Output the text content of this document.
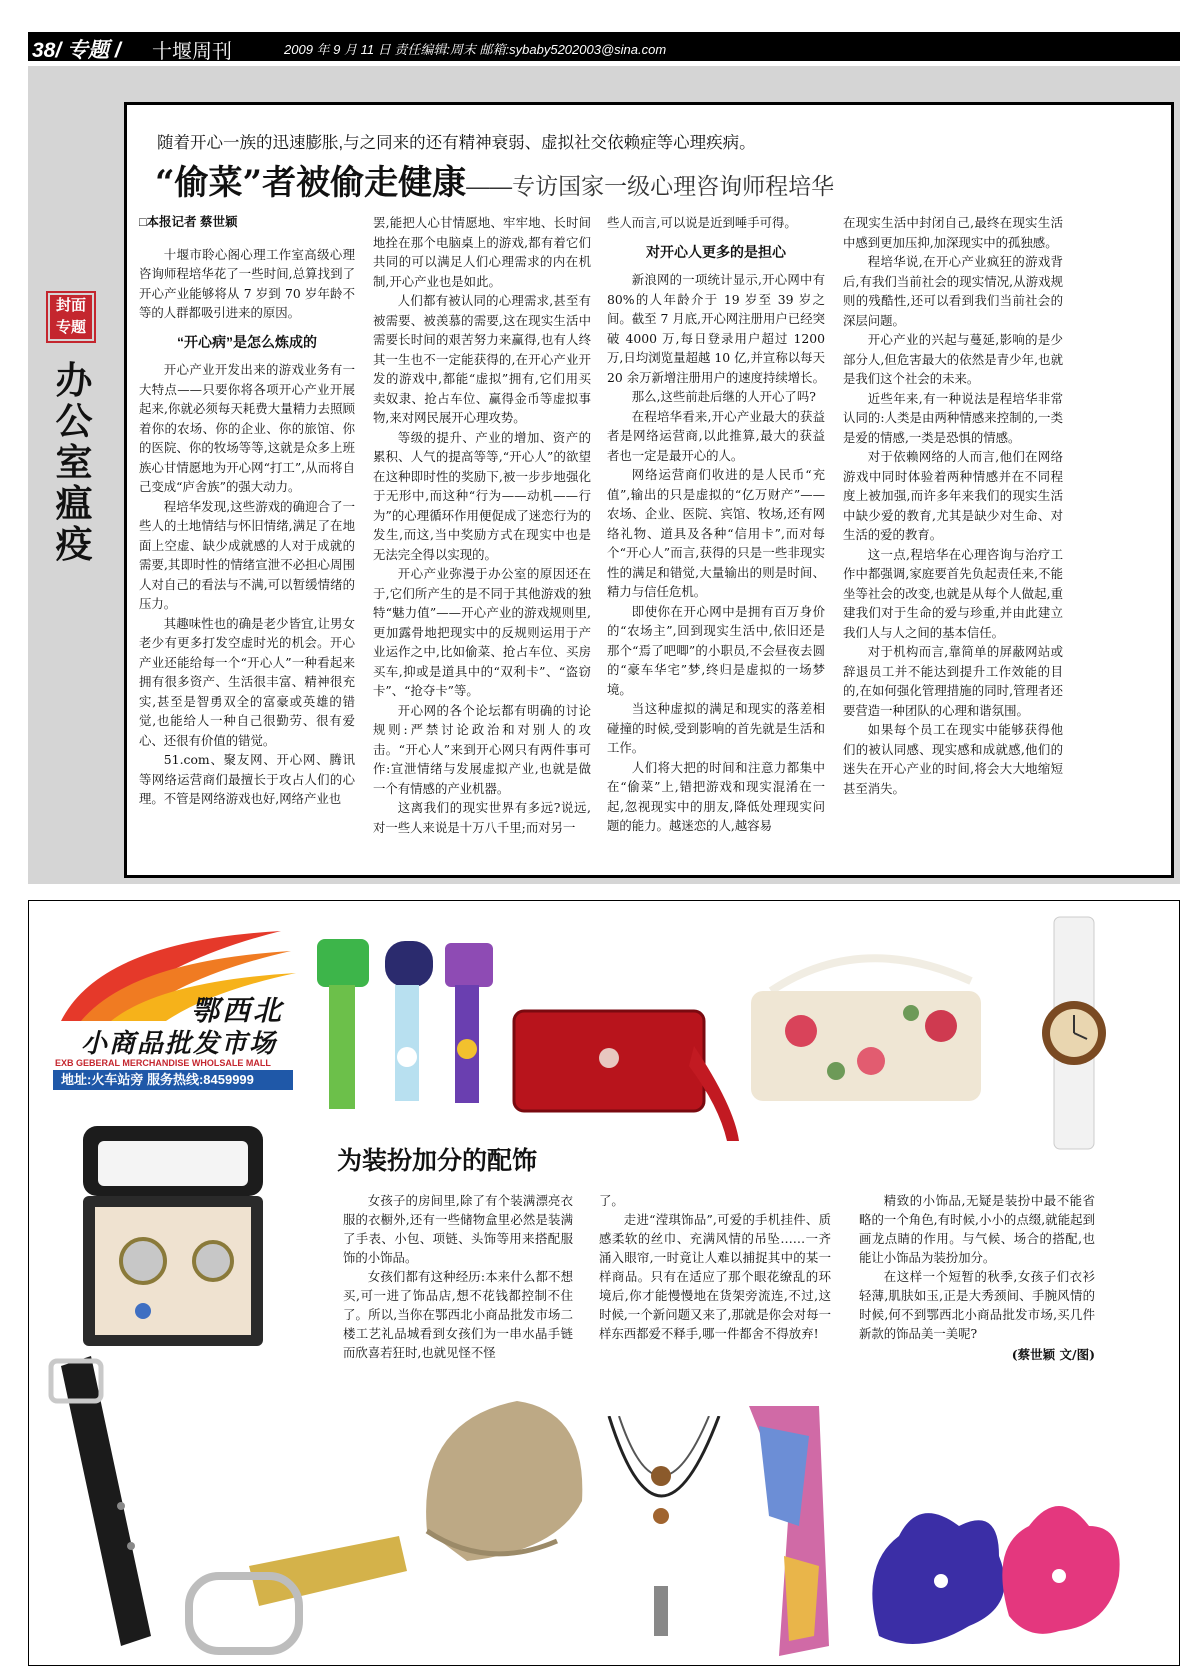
38/ 专题 / 十堰周刊	2009 年 9 月 11 日 责任编辑:周末 邮箱:sybaby5202003@sina.com
封面专题
办公室瘟疫
随着开心一族的迅速膨胀,与之同来的还有精神衰弱、虚拟社交依赖症等心理疾病。
“偷菜”者被偷走健康——专访国家一级心理咨询师程培华
□本报记者 蔡世颖

十堰市聆心阁心理工作室高级心理咨询师程培华花了一些时间,总算找到了开心产业能够将从 7 岁到 70 岁年龄不等的人群都吸引进来的原因。

“开心病”是怎么炼成的

开心产业开发出来的游戏业务有一大特点——只要你将各项开心产业开展起来,你就必须每天耗费大量精力去照顾着你的农场、你的企业、你的旅馆、你的医院、你的牧场等等,这就是众多上班族心甘情愿地为开心网“打工”,从而将自己变成“庐舍族”的强大动力。

程培华发现,这些游戏的确迎合了一些人的土地情结与怀旧情绪,满足了在地面上空虚、缺少成就感的人对于成就的需要,其即时性的情绪宣泄不必担心周围人对自己的看法与不满,可以暂缓情绪的压力。

其趣味性也的确是老少皆宜,让男女老少有更多打发空虚时光的机会。开心产业还能给每一个“开心人”一种看起来拥有很多资产、生活很丰富、精神很充实,甚至是智勇双全的富豪或英雄的错觉,也能给人一种自己很勤劳、很有爱心、还很有价值的错觉。

51.com、聚友网、开心网、腾讯等网络运营商们最擅长于攻占人们的心理。不管是网络游戏也好,网络产业也

罢,能把人心甘情愿地、牢牢地、长时间地拴在那个电脑桌上的游戏,都有着它们共同的可以满足人们心理需求的内在机制,开心产业也是如此。

人们都有被认同的心理需求,甚至有被需要、被羡慕的需要,这在现实生活中需要长时间的艰苦努力来赢得,也有人终其一生也不一定能获得的,在开心产业开发的游戏中,都能“虚拟”拥有,它们用买卖奴隶、抢占车位、赢得金币等虚拟事物,来对网民展开心理攻势。

等级的提升、产业的增加、资产的累积、人气的提高等等,“开心人”的欲望在这种即时性的奖励下,被一步步地强化于无形中,而这种“行为——动机——行为”的心理循环作用便促成了迷恋行为的发生,而这,当中奖励方式在现实中也是无法完全得以实现的。

开心产业弥漫于办公室的原因还在于,它们所产生的是不同于其他游戏的独特“魅力值”——开心产业的游戏规则里,更加露骨地把现实中的反规则运用于产业运作之中,比如偷菜、抢占车位、买房买车,抑或是道具中的“双利卡”、“盗窃卡”、“抢夺卡”等。

开心网的各个论坛都有明确的讨论规则:严禁讨论政治和对别人的攻击。“开心人”来到开心网只有两件事可作:宣泄情绪与发展虚拟产业,也就是做一个有情感的产业机器。

这离我们的现实世界有多远?说远,对一些人来说是十万八千里;而对另一

些人而言,可以说是近到唾手可得。

对开心人更多的是担心

新浪网的一项统计显示,开心网中有 80%的人年龄介于 19 岁至 39 岁之间。截至 7 月底,开心网注册用户已经突破 4000 万,每日登录用户超过 1200 万,日均浏览量超越 10 亿,并宣称以每天 20 余万新增注册用户的速度持续增长。

那么,这些前赴后继的人开心了吗?

在程培华看来,开心产业最大的获益者是网络运营商,以此推算,最大的获益者也一定是最开心的人。

网络运营商们收进的是人民币“充值”,输出的只是虚拟的“亿万财产”——农场、企业、医院、宾馆、牧场,还有网络礼物、道具及各种“信用卡”,而对每个“开心人”而言,获得的只是一些非现实性的满足和错觉,大量输出的则是时间、精力与信任危机。

即使你在开心网中是拥有百万身价的“农场主”,回到现实生活中,依旧还是那个“焉了吧唧”的小职员,不会昼夜去圆的“豪车华宅”梦,终归是虚拟的一场梦境。

当这种虚拟的满足和现实的落差相碰撞的时候,受到影响的首先就是生活和工作。

人们将大把的时间和注意力都集中在“偷菜”上,错把游戏和现实混淆在一起,忽视现实中的朋友,降低处理现实问题的能力。越迷恋的人,越容易

在现实生活中封闭自己,最终在现实生活中感到更加压抑,加深现实中的孤独感。

程培华说,在开心产业疯狂的游戏背后,有我们当前社会的现实情况,从游戏规则的残酷性,还可以看到我们当前社会的深层问题。

开心产业的兴起与蔓延,影响的是少部分人,但危害最大的依然是青少年,也就是我们这个社会的未来。

近些年来,有一种说法是程培华非常认同的:人类是由两种情感来控制的,一类是爱的情感,一类是恐惧的情感。

对于依赖网络的人而言,他们在网络游戏中同时体验着两种情感并在不同程度上被加强,而许多年来我们的现实生活中缺少爱的教育,尤其是缺少对生命、对生活的爱的教育。

这一点,程培华在心理咨询与治疗工作中都强调,家庭要首先负起责任来,不能坐等社会的改变,也就是从每个人做起,重建我们对于生命的爱与珍重,并由此建立我们人与人之间的基本信任。

对于机构而言,靠简单的屏蔽网站或辞退员工并不能达到提升工作效能的目的,在如何强化管理措施的同时,管理者还要营造一种团队的心理和谐氛围。

如果每个员工在现实中能够获得他们的被认同感、现实感和成就感,他们的迷失在开心产业的时间,将会大大地缩短甚至消失。

鄂西北
小商品批发市场
EXB GEBERAL MERCHANDISE WHOLSALE MALL
地址:火车站旁 服务热线:8459999
为装扮加分的配饰

女孩子的房间里,除了有个装满漂亮衣服的衣橱外,还有一些储物盒里必然是装满了手表、小包、项链、头饰等用来搭配服饰的小饰品。

女孩们都有这种经历:本来什么都不想买,可一进了饰品店,想不花钱都控制不住了。所以,当你在鄂西北小商品批发市场二楼工艺礼品城看到女孩们为一串水晶手链而欣喜若狂时,也就见怪不怪

了。

走进“滢琪饰品”,可爱的手机挂件、质感柔软的丝巾、充满风情的吊坠……一齐涌入眼帘,一时竟让人难以捕捉其中的某一样商品。只有在适应了那个眼花缭乱的环境后,你才能慢慢地在货架旁流连,不过,这时候,一个新问题又来了,那就是你会对每一样东西都爱不释手,哪一件都舍不得放弃!

精致的小饰品,无疑是装扮中最不能省略的一个角色,有时候,小小的点缀,就能起到画龙点睛的作用。与气候、场合的搭配,也能让小饰品为装扮加分。

在这样一个短暂的秋季,女孩子们衣衫轻薄,肌肤如玉,正是大秀颈间、手腕风情的时候,何不到鄂西北小商品批发市场,买几件新款的饰品美一美呢?

(蔡世颖 文/图)
